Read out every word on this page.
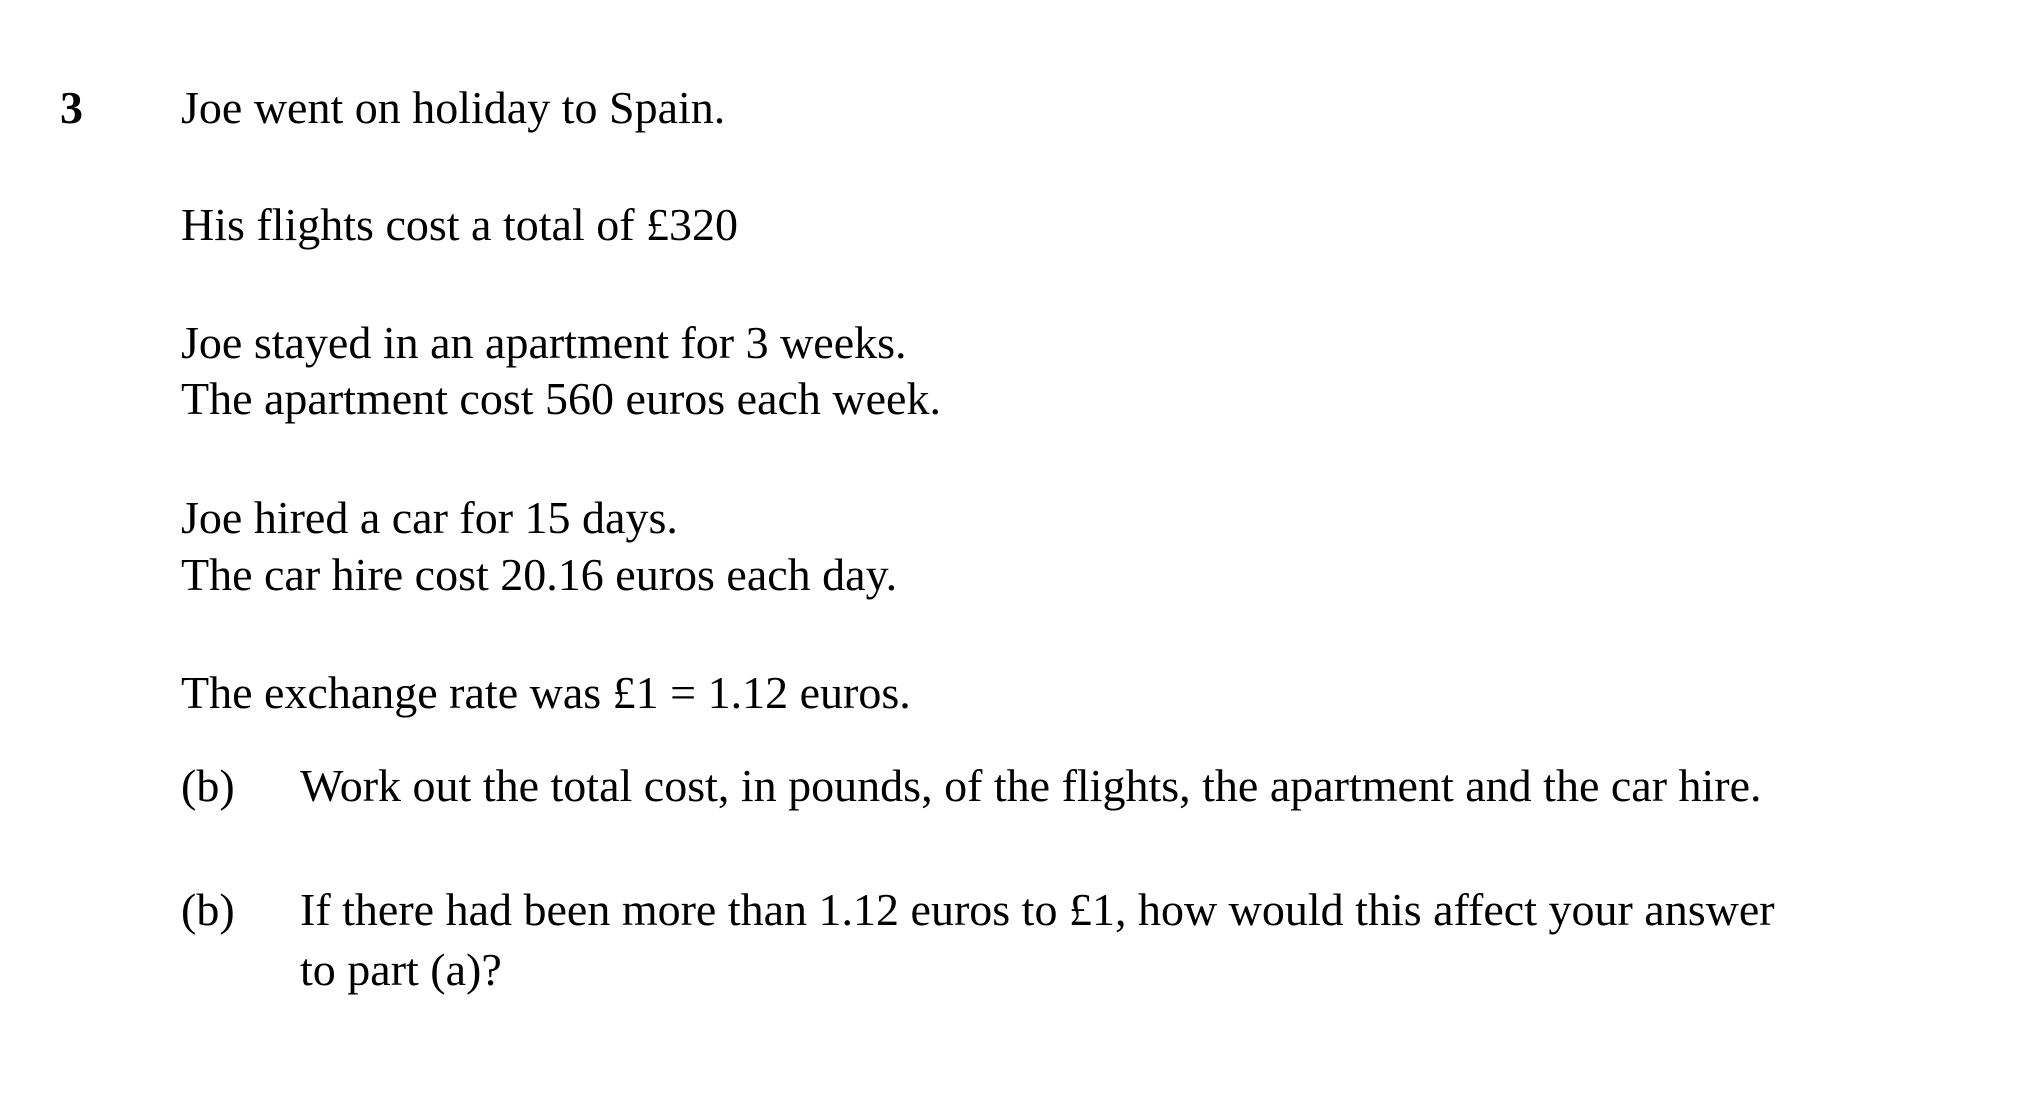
3 Joe went on holiday to Spain.
His flights cost a total of £320
Joe stayed in an apartment for 3 weeks.
The apartment cost 560 euros each week.
Joe hired a car for 15 days.
The car hire cost 20.16 euros each day.
The exchange rate was £1 = 1.12 euros.
(b) Work out the total cost, in pounds, of the flights, the apartment and the car hire.
(b) If there had been more than 1.12 euros to £1, how would this affect your answer
to part (a)?
